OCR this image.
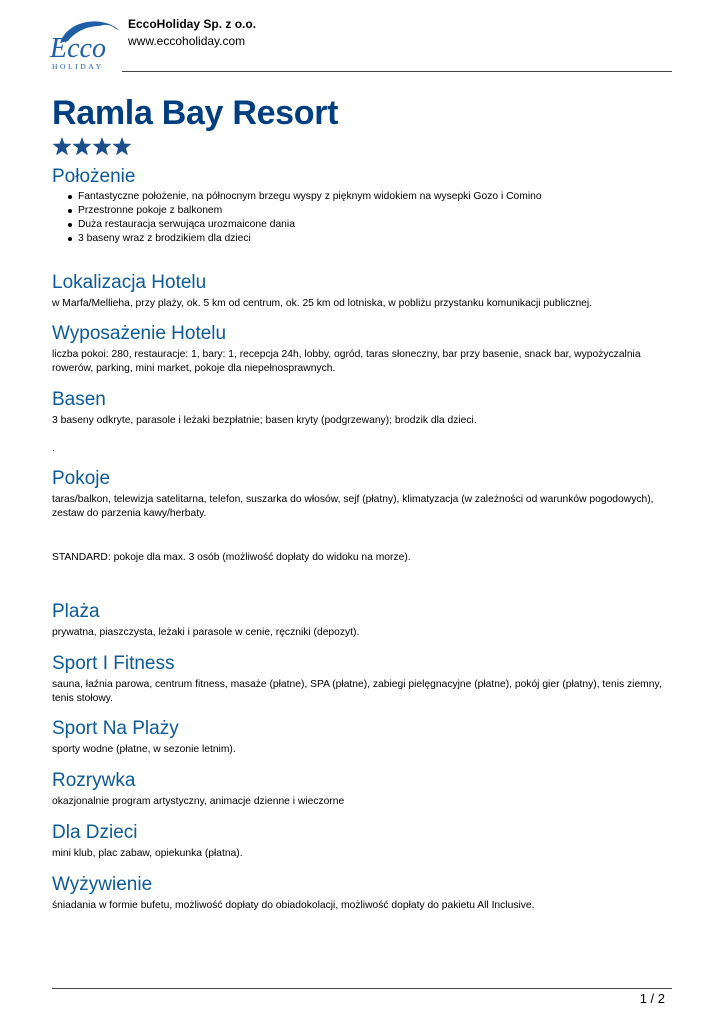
Ecco
HOLIDAY
EccoHoliday Sp. z o.o.
www.eccoholiday.com
Ramla Bay Resort
Położenie
Fantastyczne położenie, na północnym brzegu wyspy z pięknym widokiem na wysepki Gozo i Comino
Przestronne pokoje z balkonem
Duża restauracja serwująca urozmaicone dania
3 baseny wraz z brodzikiem dla dzieci
Lokalizacja Hotelu

w Marfa/Mellieha, przy plaży, ok. 5 km od centrum, ok. 25 km od lotniska, w pobliżu przystanku komunikacji publicznej.

Wyposażenie Hotelu

liczba pokoi: 280, restauracje: 1, bary: 1, recepcja 24h, lobby, ogród, taras słoneczny, bar przy basenie, snack bar, wypożyczalnia rowerów, parking, mini market, pokoje dla niepełnosprawnych.

Basen

3 baseny odkryte, parasole i leżaki bezpłatnie; basen kryty (podgrzewany); brodzik dla dzieci.

.

Pokoje

taras/balkon, telewizja satelitarna, telefon, suszarka do włosów, sejf (płatny), klimatyzacja (w zależności od warunków pogodowych), zestaw do parzenia kawy/herbaty.

STANDARD: pokoje dla max. 3 osób (możliwość dopłaty do widoku na morze).

Plaża

prywatna, piaszczysta, leżaki i parasole w cenie, ręczniki (depozyt).

Sport I Fitness

sauna, łaźnia parowa, centrum fitness, masaże (płatne), SPA (płatne), zabiegi pielęgnacyjne (płatne), pokój gier (płatny), tenis ziemny, tenis stołowy.

Sport Na Plaży

sporty wodne (płatne, w sezonie letnim).

Rozrywka

okazjonalnie program artystyczny, animacje dzienne i wieczorne

Dla Dzieci

mini klub, plac zabaw, opiekunka (płatna).

Wyżywienie

śniadania w formie bufetu, możliwość dopłaty do obiadokolacji, możliwość dopłaty do pakietu All Inclusive.

1 / 2
